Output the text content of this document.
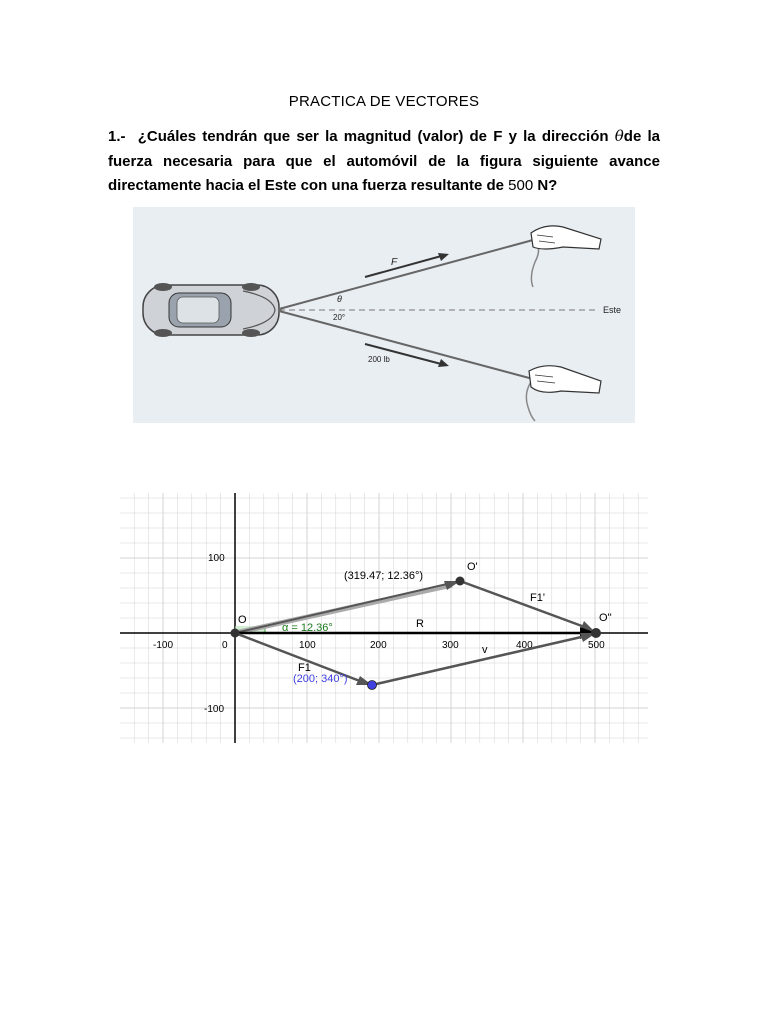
PRACTICA DE VECTORES
1.- ¿Cuáles tendrán que ser la magnitud (valor) de F y la dirección θde la fuerza necesaria para que el automóvil de la figura siguiente avance directamente hacia el Este con una fuerza resultante de 500 N?
F
θ
20°
Este
200 lb
-100	0	100	200	300	400	500
100
-100
O
O'
O''
R
F1'
F1
v
α = 12.36°
(319.47; 12.36°)
(200; 340°)
